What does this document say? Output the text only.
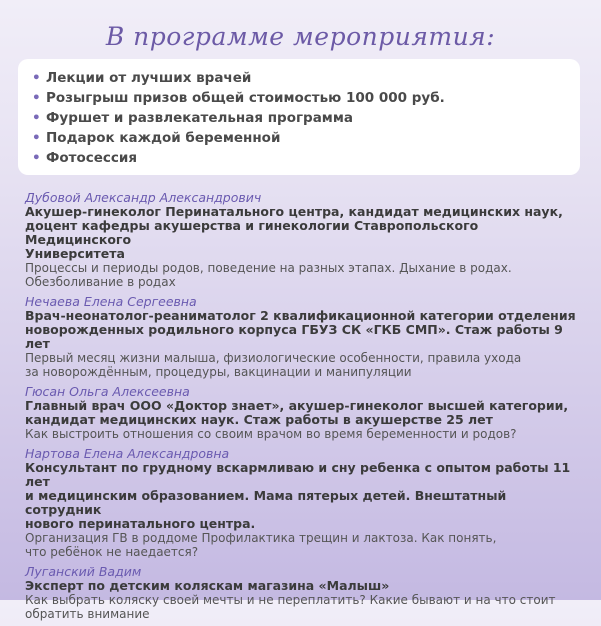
В программе мероприятия:
• Лекции от лучших врачей
• Розыгрыш призов общей стоимостью 100 000 руб.
• Фуршет и развлекательная программа
• Подарок каждой беременной
• Фотосессия
Дубовой Александр Александрович
Акушер-гинеколог Перинатального центра, кандидат медицинских наук,
доцент кафедры акушерства и гинекологии Ставропольского Медицинского
Университета
Процессы и периоды родов, поведение на разных этапах. Дыхание в родах.
Обезболивание в родах
Нечаева Елена Сергеевна
Врач-неонатолог-реаниматолог 2 квалификационной категории отделения
новорожденных родильного корпуса ГБУЗ СК «ГКБ СМП». Стаж работы 9 лет
Первый месяц жизни малыша, физиологические особенности, правила ухода
за новорождённым, процедуры, вакцинации и манипуляции
Гюсан Ольга Алексеевна
Главный врач ООО «Доктор знает», акушер-гинеколог высшей категории,
кандидат медицинских наук. Стаж работы в акушерстве 25 лет
Как выстроить отношения со своим врачом во время беременности и родов?
Нартова Елена Александровна
Консультант по грудному вскармливаю и сну ребенка с опытом работы 11 лет
и медицинским образованием. Мама пятерых детей. Внештатный сотрудник
нового перинатального центра.
Организация ГВ в роддоме Профилактика трещин и лактоза. Как понять,
что ребёнок не наедается?
Луганский Вадим
Эксперт по детским коляскам магазина «Малыш»
Как выбрать коляску своей мечты и не переплатить? Какие бывают и на что стоит
обратить внимание
